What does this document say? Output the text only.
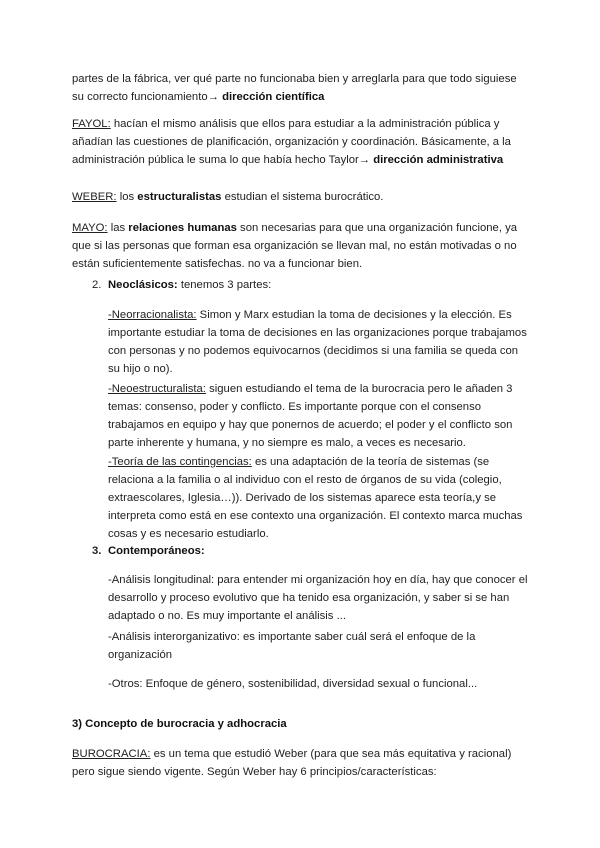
partes de la fábrica, ver qué parte no funcionaba bien y arreglarla para que todo siguiese su correcto funcionamiento→ dirección científica

FAYOL: hacían el mismo análisis que ellos para estudiar a la administración pública y añadían las cuestiones de planificación, organización y coordinación. Básicamente, a la administración pública le suma lo que había hecho Taylor→ dirección administrativa

WEBER: los estructuralistas estudian el sistema burocrático.

MAYO: las relaciones humanas son necesarias para que una organización funcione, ya que si las personas que forman esa organización se llevan mal, no están motivadas o no están suficientemente satisfechas. no va a funcionar bien.

2. Neoclásicos: tenemos 3 partes:

-Neorracionalista: Simon y Marx estudian la toma de decisiones y la elección. Es importante estudiar la toma de decisiones en las organizaciones porque trabajamos con personas y no podemos equivocarnos (decidimos si una familia se queda con su hijo o no).

-Neoestructuralista: siguen estudiando el tema de la burocracia pero le añaden 3 temas: consenso, poder y conflicto. Es importante porque con el consenso trabajamos en equipo y hay que ponernos de acuerdo; el poder y el conflicto son parte inherente y humana, y no siempre es malo, a veces es necesario.

-Teoría de las contingencias: es una adaptación de la teoría de sistemas (se relaciona a la familia o al individuo con el resto de órganos de su vida (colegio, extraescolares, Iglesia…)). Derivado de los sistemas aparece esta teoría,y se interpreta como está en ese contexto una organización. El contexto marca muchas cosas y es necesario estudiarlo.

3. Contemporáneos:

-Análisis longitudinal: para entender mi organización hoy en día, hay que conocer el desarrollo y proceso evolutivo que ha tenido esa organización, y saber si se han adaptado o no. Es muy importante el análisis ...

-Análisis interorganizativo: es importante saber cuál será el enfoque de la organización

-Otros: Enfoque de género, sostenibilidad, diversidad sexual o funcional...

3) Concepto de burocracia y adhocracia

BUROCRACIA: es un tema que estudió Weber (para que sea más equitativa y racional) pero sigue siendo vigente. Según Weber hay 6 principios/características:
